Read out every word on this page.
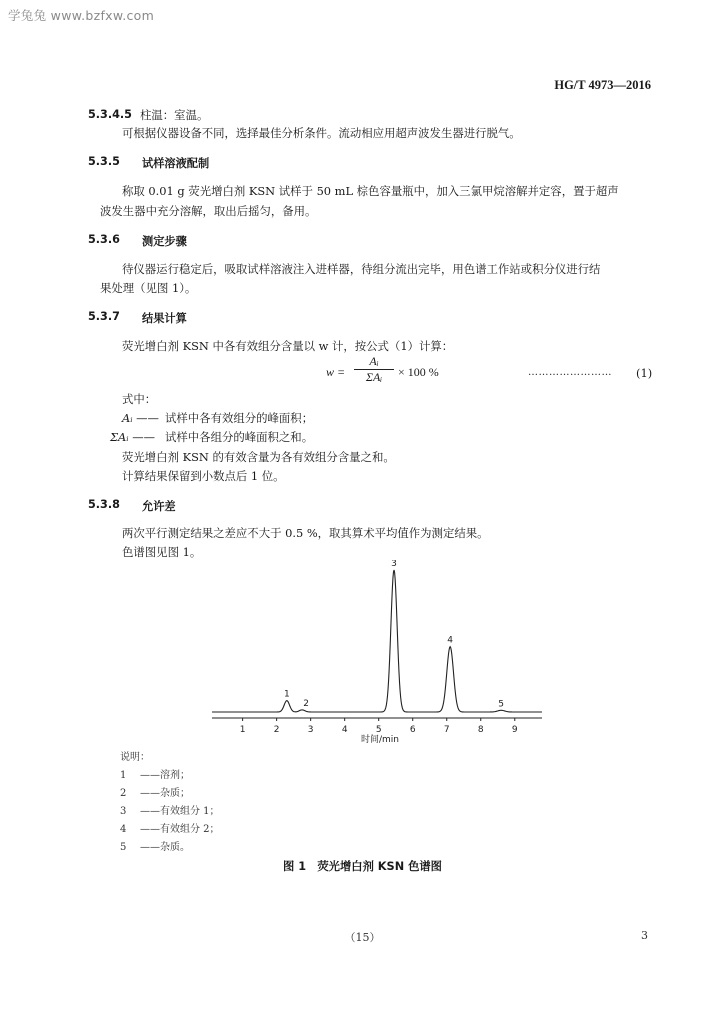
学兔兔 www.bzfxw.com
HG/T 4973—2016
5.3.4.5 柱温：室温。
可根据仪器设备不同，选择最佳分析条件。流动相应用超声波发生器进行脱气。
5.3.5 试样溶液配制
称取 0.01 g 荧光增白剂 KSN 试样于 50 mL 棕色容量瓶中，加入三氯甲烷溶解并定容，置于超声
波发生器中充分溶解，取出后摇匀，备用。
5.3.6 测定步骤
待仪器运行稳定后，吸取试样溶液注入进样器，待组分流出完毕，用色谱工作站或积分仪进行结
果处理（见图 1）。
5.3.7 结果计算
荧光增白剂 KSN 中各有效组分含量以 w 计，按公式（1）计算：
w =
Aᵢ
ΣAᵢ	× 100 %	…………………… (1)
式中：
Aᵢ —— 试样中各有效组分的峰面积；
ΣAᵢ —— 试样中各组分的峰面积之和。
荧光增白剂 KSN 的有效含量为各有效组分含量之和。
计算结果保留到小数点后 1 位。
5.3.8 允许差
两次平行测定结果之差应不大于 0.5 %，取其算术平均值作为测定结果。
色谱图见图 1。
1
2
3
4
5
1	2	3	4	5	6	7	8	9
时间/min
说明：
1 ——溶剂；
2 ——杂质；
3 ——有效组分 1；
4 ——有效组分 2；
5 ——杂质。
图 1　荧光增白剂 KSN 色谱图
（15）	3
